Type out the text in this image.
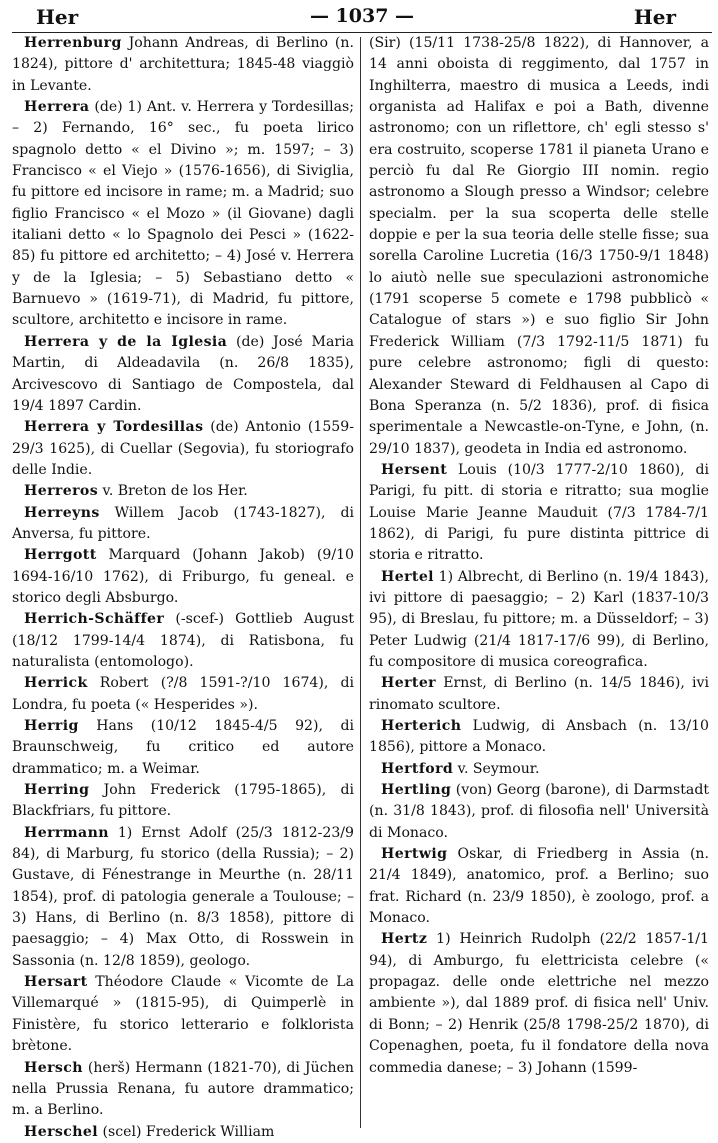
Her	— 1037 —	Her

Herrenburg Johann Andreas, di Berlino (n. 1824), pittore d' architettura; 1845-48 viaggiò in Levante.

Herrera (de) 1) Ant. v. Herrera y Tordesillas; – 2) Fernando, 16° sec., fu poeta lirico spagnolo detto « el Divino »; m. 1597; – 3) Francisco « el Viejo » (1576-1656), di Siviglia, fu pittore ed incisore in rame; m. a Madrid; suo figlio Francisco « el Mozo » (il Giovane) dagli italiani detto « lo Spagnolo dei Pesci » (1622-85) fu pittore ed architetto; – 4) José v. Herrera y de la Iglesia; – 5) Sebastiano detto « Barnuevo » (1619-71), di Madrid, fu pittore, scultore, architetto e incisore in rame.

Herrera y de la Iglesia (de) José Maria Martin, di Aldeadavila (n. 26/8 1835), Arcivescovo di Santiago de Compostela, dal 19/4 1897 Cardin.

Herrera y Tordesillas (de) Antonio (1559-29/3 1625), di Cuellar (Segovia), fu storiografo delle Indie.

Herreros v. Breton de los Her.

Herreyns Willem Jacob (1743-1827), di Anversa, fu pittore.

Herrgott Marquard (Johann Jakob) (9/10 1694-16/10 1762), di Friburgo, fu geneal. e storico degli Absburgo.

Herrich-Schäffer (-scef-) Gottlieb August (18/12 1799-14/4 1874), di Ratisbona, fu naturalista (entomologo).

Herrick Robert (?/8 1591-?/10 1674), di Londra, fu poeta (« Hesperides »).

Herrig Hans (10/12 1845-4/5 92), di Braunschweig, fu critico ed autore drammatico; m. a Weimar.

Herring John Frederick (1795-1865), di Blackfriars, fu pittore.

Herrmann 1) Ernst Adolf (25/3 1812-23/9 84), di Marburg, fu storico (della Russia); – 2) Gustave, di Fénestrange in Meurthe (n. 28/11 1854), prof. di patologia generale a Toulouse; – 3) Hans, di Berlino (n. 8/3 1858), pittore di paesaggio; – 4) Max Otto, di Rosswein in Sassonia (n. 12/8 1859), geologo.

Hersart Théodore Claude « Vicomte de La Villemarqué » (1815-95), di Quimperlè in Finistère, fu storico letterario e folklorista brètone.

Hersch (herš) Hermann (1821-70), di Jüchen nella Prussia Renana, fu autore drammatico; m. a Berlino.

Herschel (scel) Frederick William

(Sir) (15/11 1738-25/8 1822), di Hannover, a 14 anni oboista di reggimento, dal 1757 in Inghilterra, maestro di musica a Leeds, indi organista ad Halifax e poi a Bath, divenne astronomo; con un riflettore, ch' egli stesso s' era costruito, scoperse 1781 il pianeta Urano e perciò fu dal Re Giorgio III nomin. regio astronomo a Slough presso a Windsor; celebre specialm. per la sua scoperta delle stelle doppie e per la sua teoria delle stelle fisse; sua sorella Caroline Lucretia (16/3 1750-9/1 1848) lo aiutò nelle sue speculazioni astronomiche (1791 scoperse 5 comete e 1798 pubblicò « Catalogue of stars ») e suo figlio Sir John Frederick William (7/3 1792-11/5 1871) fu pure celebre astronomo; figli di questo: Alexander Steward di Feldhausen al Capo di Bona Speranza (n. 5/2 1836), prof. di fisica sperimentale a Newcastle-on-Tyne, e John, (n. 29/10 1837), geodeta in India ed astronomo.

Hersent Louis (10/3 1777-2/10 1860), di Parigi, fu pitt. di storia e ritratto; sua moglie Louise Marie Jeanne Mauduit (7/3 1784-7/1 1862), di Parigi, fu pure distinta pittrice di storia e ritratto.

Hertel 1) Albrecht, di Berlino (n. 19/4 1843), ivi pittore di paesaggio; – 2) Karl (1837-10/3 95), di Breslau, fu pittore; m. a Düsseldorf; – 3) Peter Ludwig (21/4 1817-17/6 99), di Berlino, fu compositore di musica coreografica.

Herter Ernst, di Berlino (n. 14/5 1846), ivi rinomato scultore.

Herterich Ludwig, di Ansbach (n. 13/10 1856), pittore a Monaco.

Hertford v. Seymour.

Hertling (von) Georg (barone), di Darmstadt (n. 31/8 1843), prof. di filosofia nell' Università di Monaco.

Hertwig Oskar, di Friedberg in Assia (n. 21/4 1849), anatomico, prof. a Berlino; suo frat. Richard (n. 23/9 1850), è zoologo, prof. a Monaco.

Hertz 1) Heinrich Rudolph (22/2 1857-1/1 94), di Amburgo, fu elettricista celebre (« propagaz. delle onde elettriche nel mezzo ambiente »), dal 1889 prof. di fisica nell' Univ. di Bonn; – 2) Henrik (25/8 1798-25/2 1870), di Copenaghen, poeta, fu il fondatore della nova commedia danese; – 3) Johann (1599-
